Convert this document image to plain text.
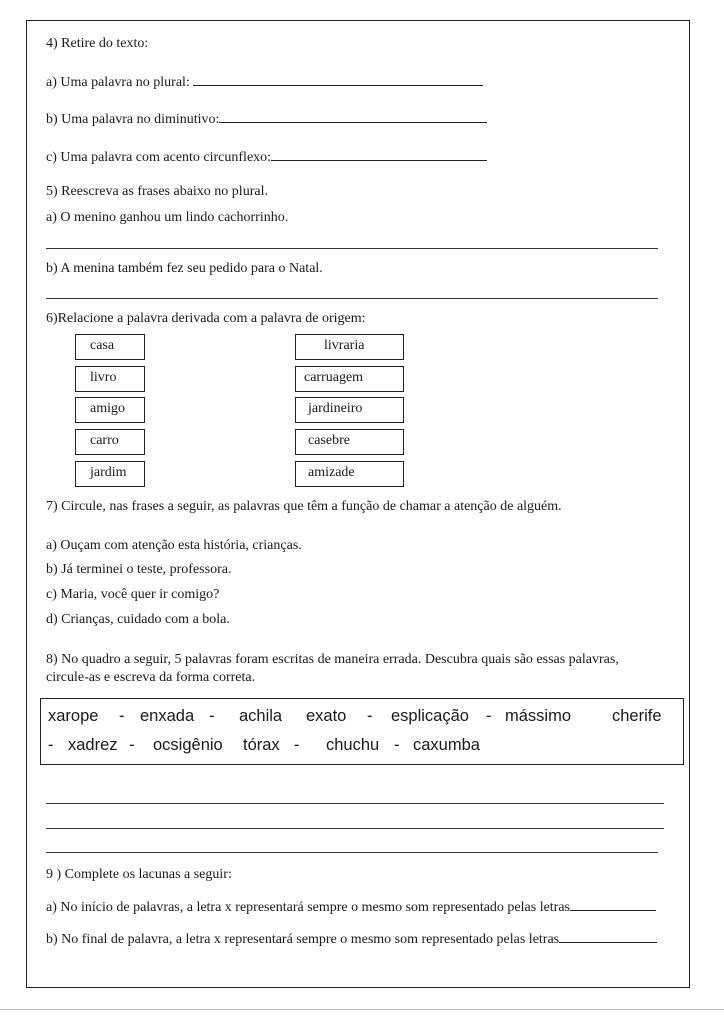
4) Retire do texto:
a) Uma palavra no plural:
b) Uma palavra no diminutivo:
c) Uma palavra com acento circunflexo:
5) Reescreva as frases abaixo no plural.
a) O menino ganhou um lindo cachorrinho.
b) A menina também fez seu pedido para o Natal.
6)Relacione a palavra derivada com a palavra de origem:
casa
livro
amigo
carro
jardim
livraria
carruagem
jardineiro
casebre
amizade
7) Circule, nas frases a seguir, as palavras que têm a função de chamar a atenção de alguém.
a) Ouçam com atenção esta história, crianças.
b) Já terminei o teste, professora.
c) Maria, você quer ir comigo?
d) Crianças, cuidado com a bola.
8) No quadro a seguir, 5 palavras foram escritas de maneira errada. Descubra quais são essas palavras,
circule-as e escreva da forma correta.
xarope - enxada - achila exato - esplicação - mássimo cherife
- xadrez - ocsigênio tórax - chuchu - caxumba
9 ) Complete os lacunas a seguir:
a) No início de palavras, a letra x representará sempre o mesmo som representado pelas letras
b) No final de palavra, a letra x representará sempre o mesmo som representado pelas letras
